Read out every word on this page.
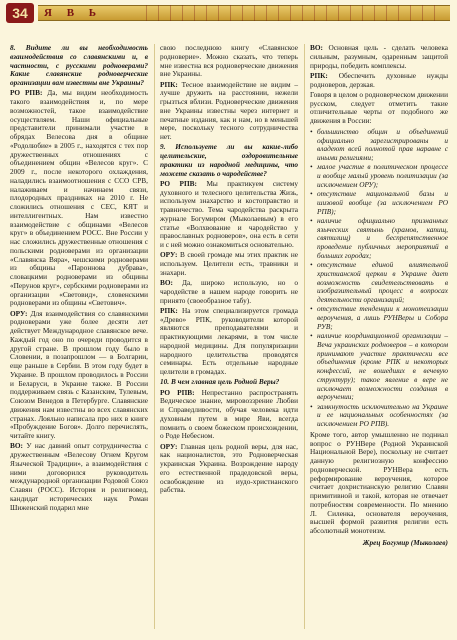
34	Я В Ь

8. Видите ли вы необходимость взаимодействия со славянскими и, в частности, с русскими родноверами? Какие славянские родноверческие организации вам известны вне Украины?

РО РПВ: Да, мы видим необходимость такого взаимодействия и, по мере возможностей, такое взаимодействие осуществляем. Наши официальные представители принимали участие в обрядах Велесова дня в общине «Родолюбие» в 2005 г., находятся с тех пор дружественных отношениях с объединением общин «Велесов круг». С 2009 г., после некоторого охлаждения, наладились взаимоотношения с ССО СРВ, налаживаем и начинаем связи, плодородных праздниках на 2010 г. Не сложились отношения с СЕС, КЯТ и интеллигентных. Нам известно взаимодействие с общинами «Велесов круг» в объединением РОСС. Вне России у нас сложились дружественные отношения с польскими родноверами из организации «Славянска Вяра», чешскими родноверами из общины «Пароннова дубрава», словацкими родноверами из общины «Перунов круг», сербскими родноверами из организации «Световид», словенскими родноверами из общины «Светович».

ОРУ: Для взаимодействия со славянскими родноверами уже более десяти лет действует Международное славянское вече. Каждый год оно по очереди проводится в другой стране. В прошлом году было в Словении, в позапрошлом — в Болгарии, еще раньше в Сербии. В этом году будет в Украине. В прошлом проводилось в России и Беларуси, в Украине также. В России поддерживаем связь с Казанским, Тулевым, Союзом Венедов в Петербурге. Славянские движения нам известны во всех славянских странах. Лояльно написала про них в книге «Пробуждение Богов». Долго перечислять, читайте книгу.

ВО: У нас давний опыт сотрудничества с дружественным «Велесову Огнем Кругом Языческой Традиции», а взаимодействия с ними договорился руководитель международной организации Родовой Союз Славян (РОСС). История и религиовед, кандидат исторических наук Роман Шиженский подарил мне

свою последнюю книгу «Славянское родноверие». Можно сказать, что теперь мне известна вся родноверческие движения вне Украины.

РПК: Тесное взаимодействие не видим – лучше дружить на расстоянии, нежели грызться вблизи. Родноверческие движения вне Украины известны через интернет и печатные издания, как и нам, но в меньшей мере, поскольку тесного сотрудничества нет.

9. Используете ли вы какие-либо целительские, оздоровительные практики из народной медицины, что можете сказать о чародействе?

РО РПВ: Мы практикуем систему духовного и телесного целительства Жизь, используем знахарство и костоправство и травничество. Тема чародейства раскрыта журнале Богумиром (Мыколаевым) в его статье «Волхвование и чародейство у православных родноверов», она есть в сети и с ней можно ознакомиться основательно.

ОРУ: В своей громаде мы этих практик не используем. Целители есть, травники и знахари.

ВО: Да, широко использую, но о чародействе в нашем народе говорить не принято (своеобразное табу).

РПК: На этом специализируется громада «Древо» РПК, руководители которой являются преподавателями и практикующими лекарями, в том числе народной медицины. Для популяризации народного целительства проводятся семинары. Есть отдельные народные целители в громадах.

10. В чем главная цель Родной Веры?

РО РПВ: Непрестанно распространять Ведическое знание, мировоззрение Любви и Справедливости, обучая человека идти духовным путем в мире Яви, всегда помнить о своем божеском происхождении, о Роде Небесном.

ОРУ: Главная цель родной веры, для нас, как националистов, это Родноверческая украинская Украина. Возрождение народу его естественной прадедовской веры, освобождение из иудо-христианского рабства.

ВО: Основная цель - сделать человека сильным, разумным, одаренным защитой природы, победить комплексы.

РПК: Обеспечить духовные нужды родноверов, дерзкая.

Говоря в целом о родноверческом движении русском, следует отметить такие отличительные черты от подобного же движения в России:

• большинство общин и объединений официально зарегистрированы и владеют всей полнотой прав наравне с иными религиями;
• малое участие в политическом процессе и вообще малый уровень политизации (за исключением ОРУ);
• отсутствие национальной базы и шизовой вообще (за исключением РО РПВ);
• наличие официально признанных языческих святынь (храмов, капищ, святилищ) и беспрепятственное проведение публичных мероприятий в больших городах;
• отсутствие единой влиятельной христианской церкви в Украине дает возможность свидетельствовать в изобразительный процесс в вопросах деятельности организаций;
• отсутствие тенденции к монотеизации вероучения, а лишь РУНВеры и Собора РУВ;
• наличие координационной организации – Веча украинских родноверов – в котором принимают участие практически все объединения (кроме РПК и некоторых конфессий, не вошедших в вечевую структуру); такое явление в вере не исключает возможности создания в вероучении;
• замкнутость исключительно на Украине и ее национальных особенностях (за исключением РО РПВ).

Кроме того, автор умышленно не подниал вопрос о РУНВере (Родной Украинской Национальной Вере), поскольку не считает данную религиозную конфессию родноверческой. РУНВера есть реформирование вероучения, которое считает дохристианскую религию Славян примитивной и такой, которая не отвечает потребностям современности. По мнению Л. Силенка, основателя вероучения, высшей формой развития религии есть абсолютный монотеизм.

Жрец Богумир (Мыколаев)
